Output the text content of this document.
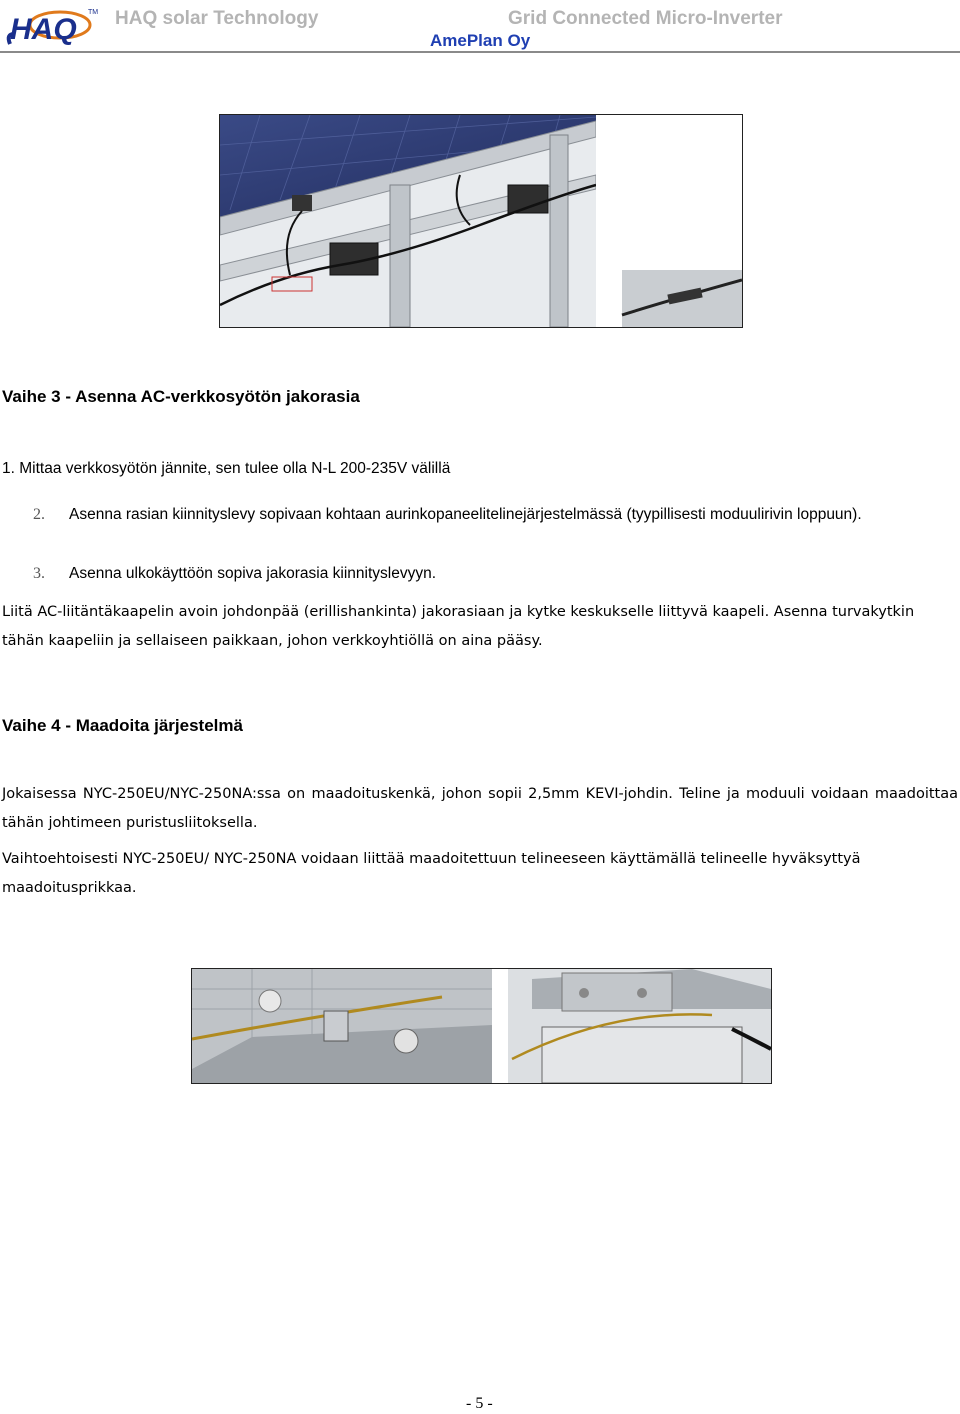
HAQ
TM HAQ solar Technology	Grid Connected Micro-Inverter
AmePlan Oy
Vaihe 3 - Asenna AC-verkkosyötön jakorasia
1. Mittaa verkkosyötön jännite, sen tulee olla N-L 200-235V välillä
2. Asenna rasian kiinnityslevy sopivaan kohtaan aurinkopaneelitelinejärjestelmässä (tyypillisesti moduulirivin loppuun).
3. Asenna ulkokäyttöön sopiva jakorasia kiinnityslevyyn.
Liitä AC-liitäntäkaapelin avoin johdonpää (erillishankinta) jakorasiaan ja kytke keskukselle liittyvä kaapeli. Asenna turvakytkin tähän kaapeliin ja sellaiseen paikkaan, johon verkkoyhtiöllä on aina pääsy.
Vaihe 4 - Maadoita järjestelmä
Jokaisessa NYC-250EU/NYC-250NA:ssa on maadoituskenkä, johon sopii 2,5mm KEVI-johdin. Teline ja moduuli voidaan maadoittaa tähän johtimeen puristusliitoksella.
Vaihtoehtoisesti NYC-250EU/ NYC-250NA voidaan liittää maadoitettuun telineeseen käyttämällä telineelle hyväksyttyä maadoitusprikkaa.
- 5 -
